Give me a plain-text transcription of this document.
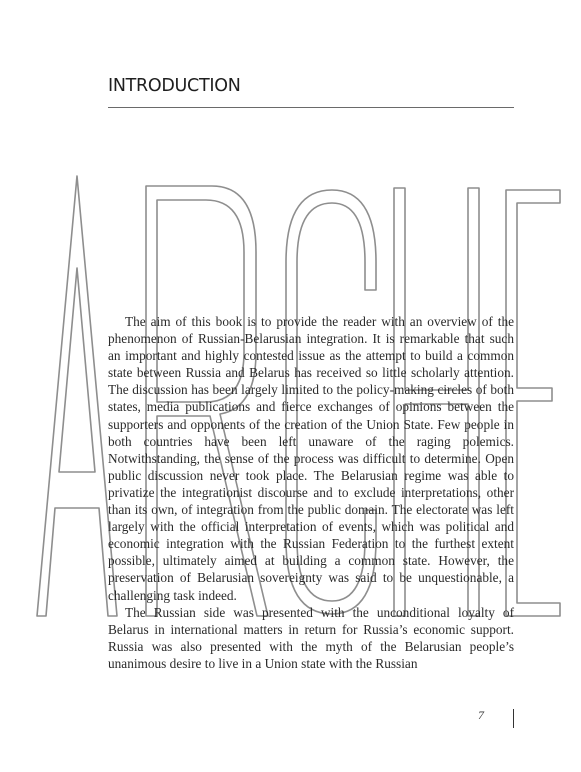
INTRODUCTION

The aim of this book is to provide the reader with an overview of the phenomenon of Russian-Belarusian integration. It is remarkable that such an important and highly contested issue as the attempt to build a common state between Russia and Belarus has received so little scholarly attention. The discussion has been largely limited to the policy-making circles of both states, media publications and fierce exchanges of opinions between the supporters and opponents of the creation of the Union State. Few people in both countries have been left unaware of the raging polemics. Notwithstanding, the sense of the process was difficult to determine. Open public discussion never took place. The Belarusian regime was able to privatize the integrationist discourse and to exclude interpretations, other than its own, of integration from the public domain. The electorate was left largely with the official interpretation of events, which was political and economic integration with the Russian Federation to the furthest extent possible, ultimately aimed at building a common state. However, the preservation of Belarusian sovereignty was said to be unquestionable, a challenging task indeed.

The Russian side was presented with the unconditional loyalty of Belarus in international matters in return for Russia’s economic support. Russia was also presented with the myth of the Belarusian people’s unanimous desire to live in a Union state with the Russian

7
